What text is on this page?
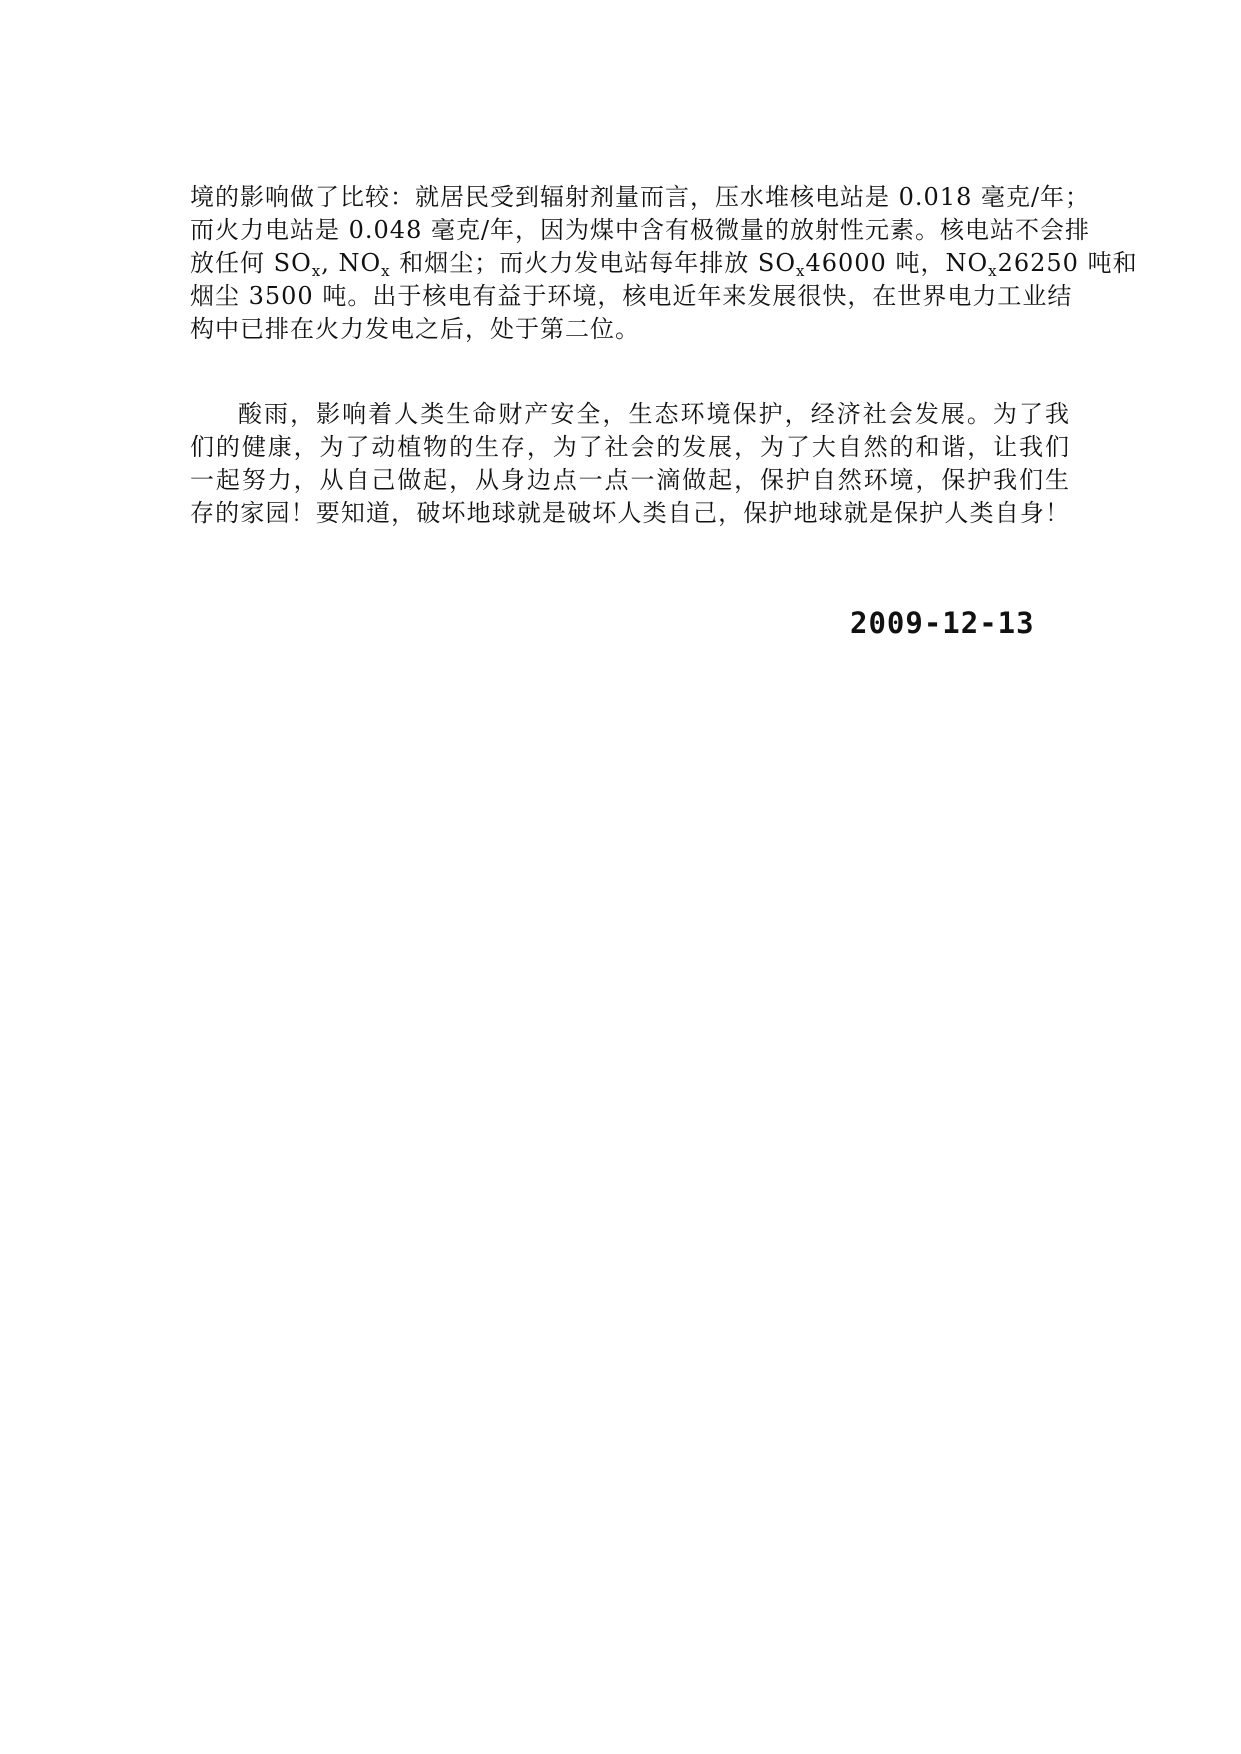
境的影响做了比较：就居民受到辐射剂量而言，压水堆核电站是 0.018 毫克/年；
而火力电站是 0.048 毫克/年，因为煤中含有极微量的放射性元素。核电站不会排
放任何 $SO_x$, $NO_x$ 和烟尘；而火力发电站每年排放 $SO_x46000$ 吨，$NO_x26250$ 吨和
烟尘 3500 吨。出于核电有益于环境，核电近年来发展很快，在世界电力工业结
构中已排在火力发电之后，处于第二位。
酸雨，影响着人类生命财产安全，生态环境保护，经济社会发展。为了我
们的健康，为了动植物的生存，为了社会的发展，为了大自然的和谐，让我们
一起努力，从自己做起，从身边点一点一滴做起，保护自然环境，保护我们生
存的家园！要知道，破坏地球就是破坏人类自己，保护地球就是保护人类自身！
2009-12-13
